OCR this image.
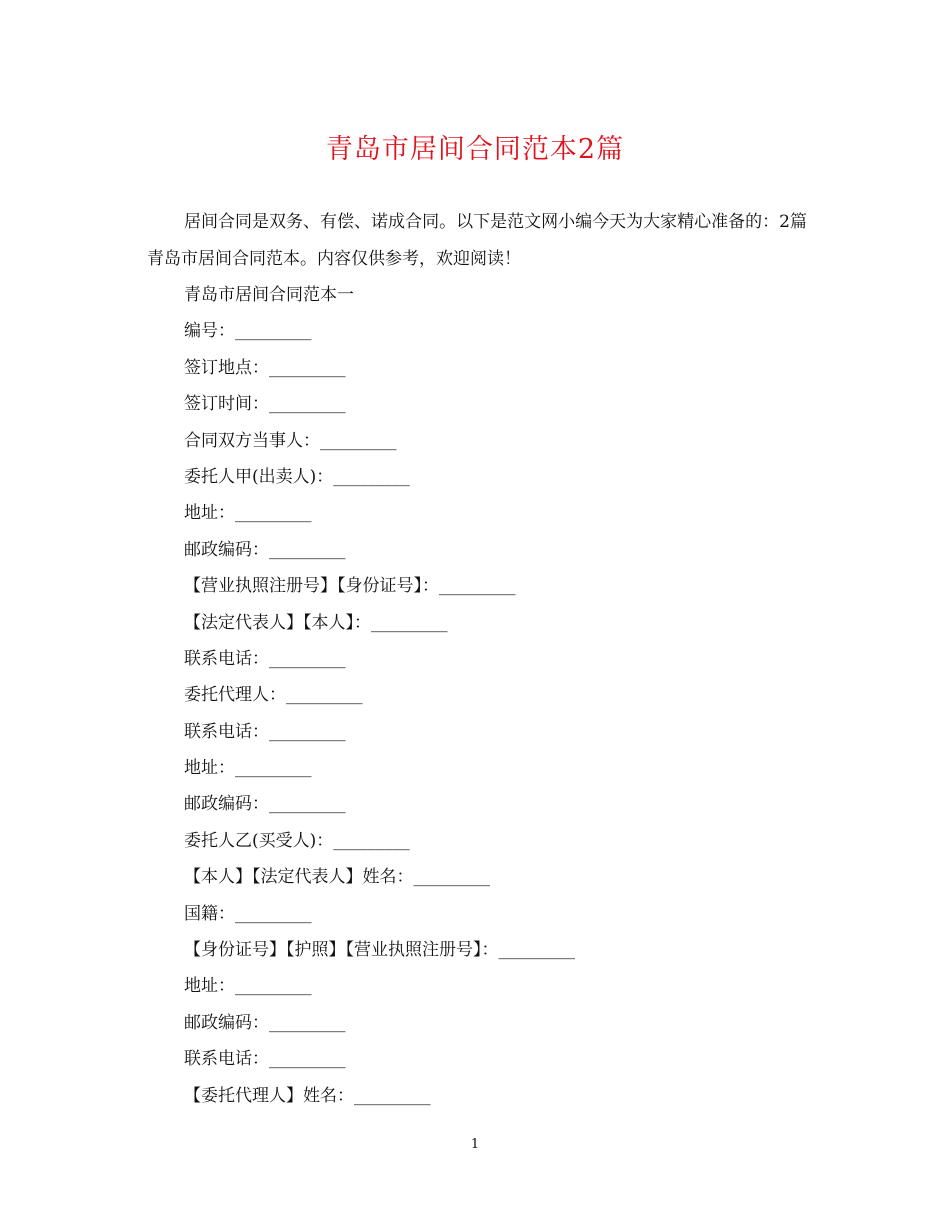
青岛市居间合同范本2篇

居间合同是双务、有偿、诺成合同。以下是范文网小编今天为大家精心准备的：2篇青岛市居间合同范本。内容仅供参考，欢迎阅读！

青岛市居间合同范本一
编号：_________
签订地点：_________
签订时间：_________
合同双方当事人：_________
委托人甲(出卖人)：_________
地址：_________
邮政编码：_________
【营业执照注册号】【身份证号】：_________
【法定代表人】【本人】：_________
联系电话：_________
委托代理人：_________
联系电话：_________
地址：_________
邮政编码：_________
委托人乙(买受人)：_________
【本人】【法定代表人】姓名：_________
国籍：_________
【身份证号】【护照】【营业执照注册号】：_________
地址：_________
邮政编码：_________
联系电话：_________
【委托代理人】姓名：_________
1
